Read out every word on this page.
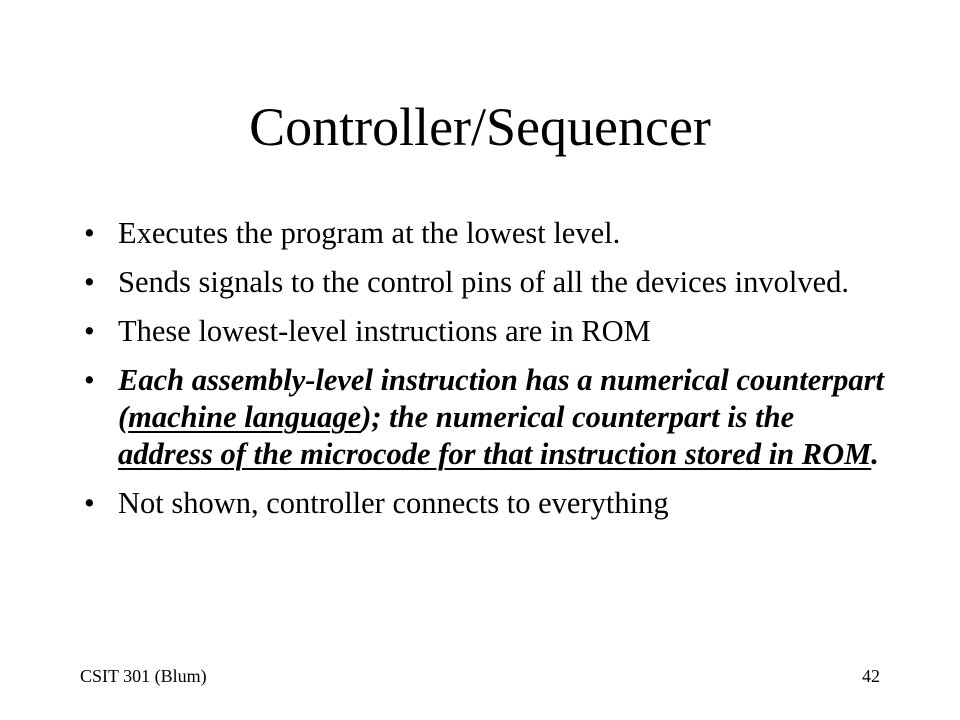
Controller/Sequencer
• Executes the program at the lowest level.
• Sends signals to the control pins of all the devices involved.
• These lowest-level instructions are in ROM
• Each assembly-level instruction has a numerical counterpart (machine language); the numerical counterpart is the address of the microcode for that instruction stored in ROM.
• Not shown, controller connects to everything
CSIT 301 (Blum)	42
